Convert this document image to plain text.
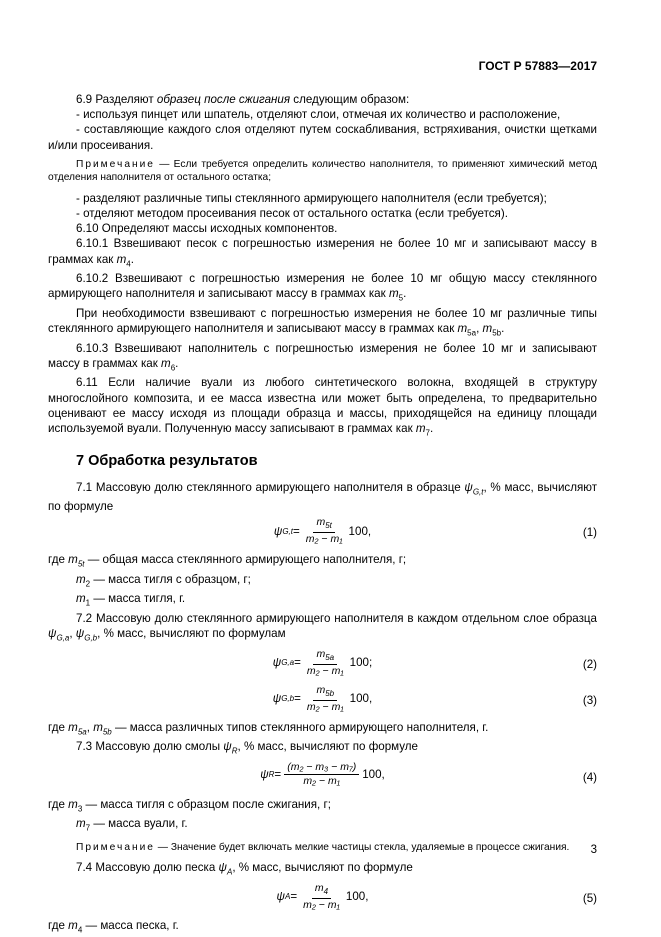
ГОСТ Р 57883—2017

6.9 Разделяют образец после сжигания следующим образом:

- используя пинцет или шпатель, отделяют слои, отмечая их количество и расположение,

- составляющие каждого слоя отделяют путем соскабливания, встряхивания, очистки щетками и/или просеивания.

Примечание — Если требуется определить количество наполнителя, то применяют химический метод отделения наполнителя от остального остатка;

- разделяют различные типы стеклянного армирующего наполнителя (если требуется);

- отделяют методом просеивания песок от остального остатка (если требуется).

6.10 Определяют массы исходных компонентов.

6.10.1 Взвешивают песок с погрешностью измерения не более 10 мг и записывают массу в граммах как $m_4$.

6.10.2 Взвешивают с погрешностью измерения не более 10 мг общую массу стеклянного армирующего наполнителя и записывают массу в граммах как $m_5$.

При необходимости взвешивают с погрешностью измерения не более 10 мг различные типы стеклянного армирующего наполнителя и записывают массу в граммах как $m_{5a}$, $m_{5b}$.

6.10.3 Взвешивают наполнитель с погрешностью измерения не более 10 мг и записывают массу в граммах как $m_6$.

6.11 Если наличие вуали из любого синтетического волокна, входящей в структуру многослойного композита, и ее масса известна или может быть определена, то предварительно оценивают ее массу исходя из площади образца и массы, приходящейся на единицу площади используемой вуали. Полученную массу записывают в граммах как $m_7$.

7 Обработка результатов

7.1 Массовую долю стеклянного армирующего наполнителя в образце $\psi_{G,t}$, % масс, вычисляют по формуле

ψ $G,t = \frac{m_{5t}}{\text{m₂ − m₁}} 100$,	(1)

где $m_{5t}$ — общая масса стеклянного армирующего наполнителя, г;

$m_2$ — масса тигля с образцом, г;

$m_1$ — масса тигля, г.

7.2 Массовую долю стеклянного армирующего наполнителя в каждом отдельном слое образца $\psi_{G,a}$, $\psi_{G,b}$, % масс, вычисляют по формулам

ψ $G,a = \frac{m_{5a}}{\text{m₂ − m₁}} 100$;	(2)
ψ $G,b = \frac{m_{5b}}{\text{m₂ − m₁}} 100$,	(3)

где $m_{5a}$, $m_{5b}$ — масса различных типов стеклянного армирующего наполнителя, г.

7.3 Массовую долю смолы $\psi_R$, % масс, вычисляют по формуле

ψ $R = \frac{\text{(m₂ − m₃ − m₇)}}{\text{m₂ − m₁}} 100$,	(4)

где $m_3$ — масса тигля с образцом после сжигания, г;

$m_7$ — масса вуали, г.

Примечание — Значение будет включать мелкие частицы стекла, удаляемые в процессе сжигания.

7.4 Массовую долю песка $\psi_A$, % масс, вычисляют по формуле

ψ $A = \frac{m_4}{\text{m₂ − m₁}} 100$,	(5)

где $m_4$ — масса песка, г.

3
